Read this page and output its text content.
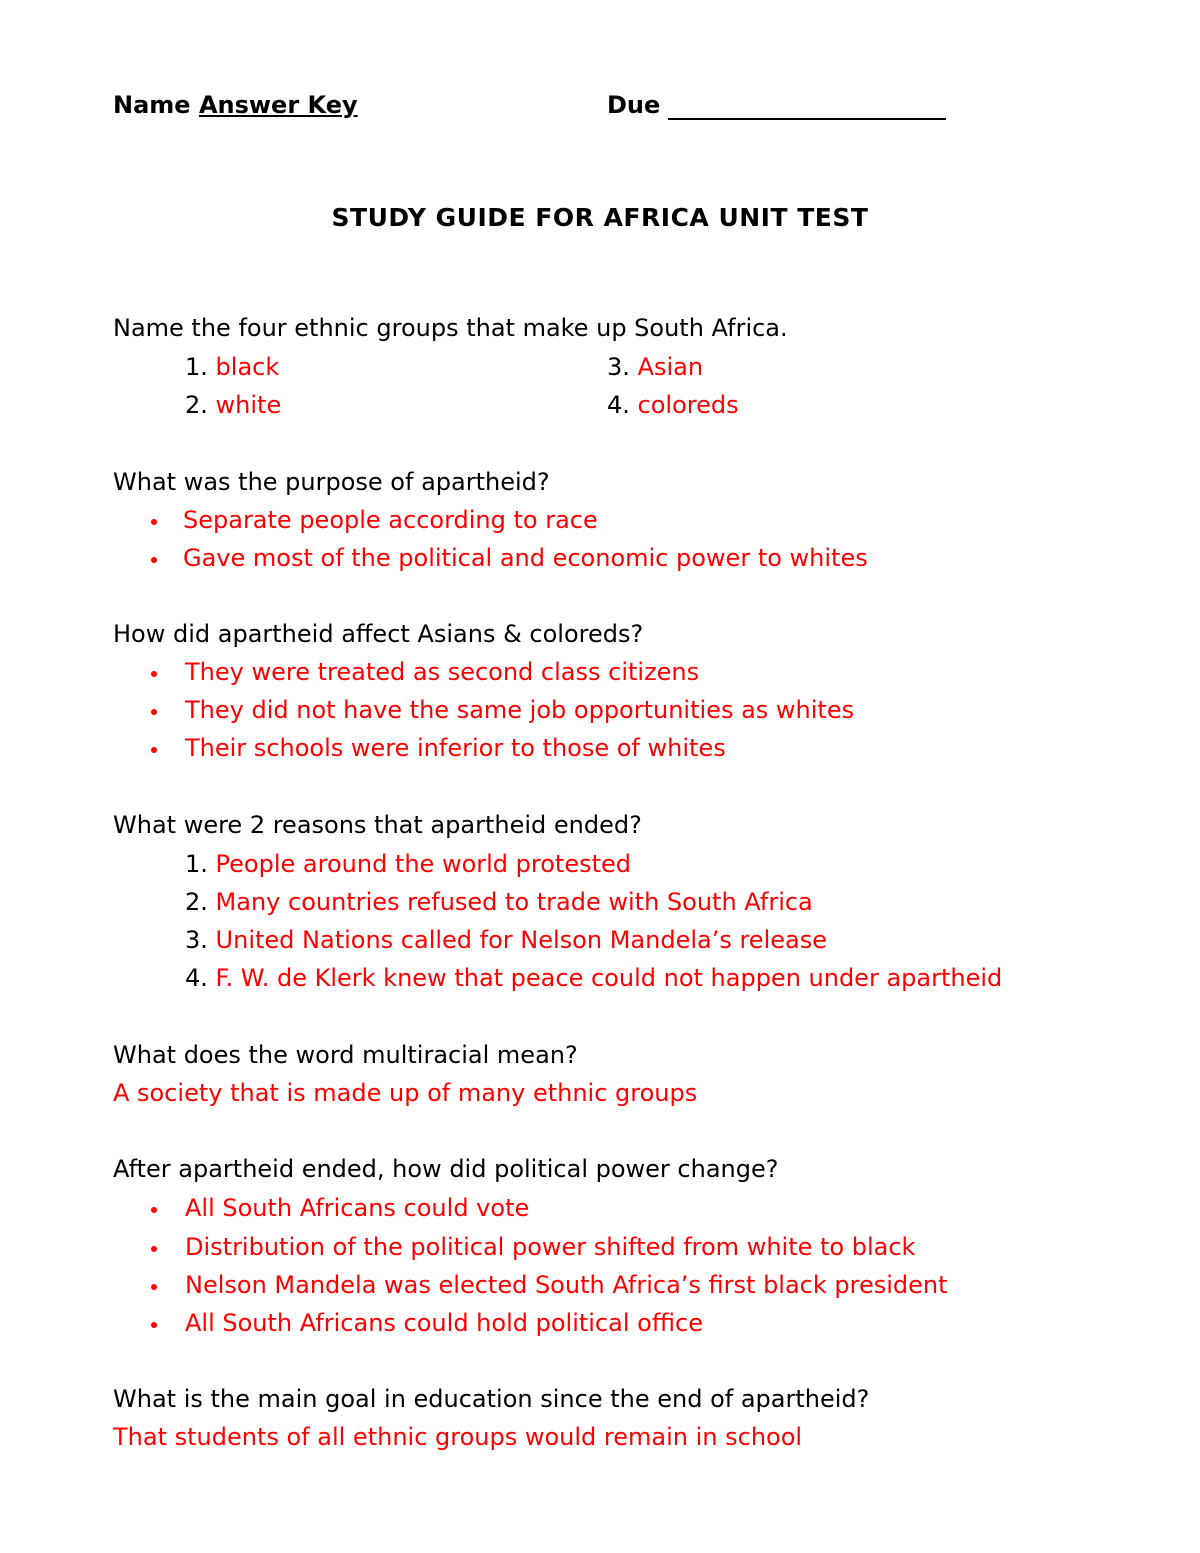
Name Answer Key	Due
STUDY GUIDE FOR AFRICA UNIT TEST
Name the four ethnic groups that make up South Africa.
1. black
2. white
3. Asian
4. coloreds
What was the purpose of apartheid?
Separate people according to race
Gave most of the political and economic power to whites
How did apartheid affect Asians & coloreds?
They were treated as second class citizens
They did not have the same job opportunities as whites
Their schools were inferior to those of whites
What were 2 reasons that apartheid ended?
1. People around the world protested
2. Many countries refused to trade with South Africa
3. United Nations called for Nelson Mandela’s release
4. F. W. de Klerk knew that peace could not happen under apartheid
What does the word multiracial mean?
A society that is made up of many ethnic groups
After apartheid ended, how did political power change?
All South Africans could vote
Distribution of the political power shifted from white to black
Nelson Mandela was elected South Africa’s first black president
All South Africans could hold political office
What is the main goal in education since the end of apartheid?
That students of all ethnic groups would remain in school
